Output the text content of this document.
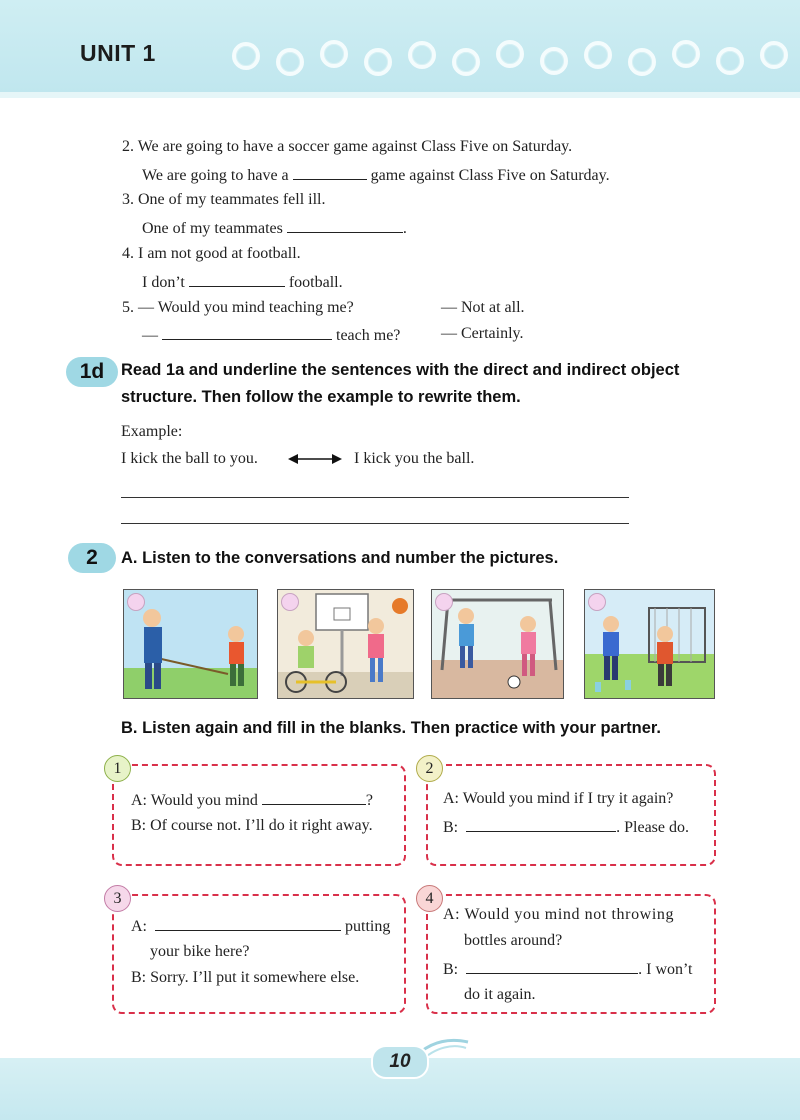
UNIT 1
2. We are going to have a soccer game against Class Five on Saturday.
We are going to have a	game against Class Five on Saturday.
3. One of my teammates fell ill.
One of my teammates	.
4. I am not good at football.
I don’t	football.
5. — Would you mind teaching me?	— Not at all.
—	teach me?	— Certainly.
1d	Read 1a and underline the sentences with the direct and indirect object structure. Then follow the example to rewrite them.
Example:
I kick the ball to you.	I kick you the ball.
2	A. Listen to the conversations and number the pictures.
B. Listen again and fill in the blanks. Then practice with your partner.
1
A: Would you mind	?
B: Of course not. I’ll do it right away.
2
A: Would you mind if I try it again?
B:	. Please do.
3
A:	putting
your bike here?
B: Sorry. I’ll put it somewhere else.
4
A: Would you mind not throwing
bottles around?
B:	. I won’t
do it again.
10
